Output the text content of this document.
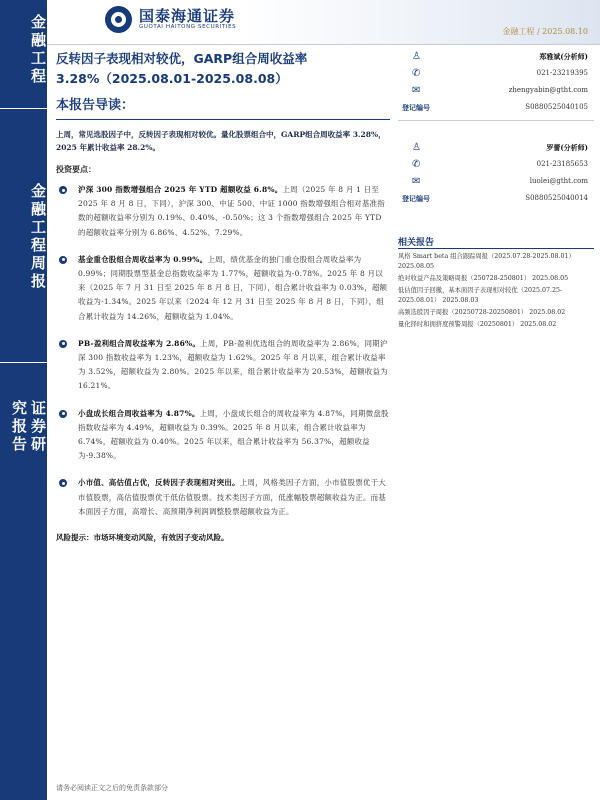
金融工程
金融工程周报
证券研究报告
国泰海通证券
GUOTAI HAITONG SECURITIES	金融工程 / 2025.08.10
反转因子表现相对较优，GARP组合周收益率3.28%（2025.08.01-2025.08.08）
本报告导读：
上周，常见选股因子中，反转因子表现相对较优。量化股票组合中，GARP组合周收益率 3.28%，2025 年累计收益率 28.2%。
投资要点：
沪深 300 指数增强组合 2025 年 YTD 超额收益 6.8%。上周（2025 年 8 月 1 日至 2025 年 8 月 8 日，下同），沪深 300、中证 500、中证 1000 指数增强组合相对基准指数的超额收益率分别为 0.19%、0.40%、-0.50%；这 3 个指数增强组合 2025 年 YTD 的超额收益率分别为 6.86%、4.52%、7.29%。
基金重仓股组合周收益率为 0.99%。上周，绩优基金的独门重仓股组合周收益率为 0.99%；同期股票型基金总指数收益率为 1.77%，超额收益为-0.78%。2025 年 8 月以来（2025 年 7 月 31 日至 2025 年 8 月 8 日，下同），组合累计收益率为 0.03%，超额收益为-1.34%。2025 年以来（2024 年 12 月 31 日至 2025 年 8 月 8 日，下同），组合累计收益为 14.26%，超额收益为 1.04%。
PB-盈利组合周收益率为 2.86%。上周，PB-盈利优选组合的周收益率为 2.86%，同期沪深 300 指数收益率为 1.23%，超额收益为 1.62%。2025 年 8 月以来，组合累计收益率为 3.52%，超额收益为 2.80%。2025 年以来，组合累计收益率为 20.53%，超额收益为 16.21%。
小盘成长组合周收益率为 4.87%。上周，小盘成长组合的周收益率为 4.87%，同期微盘股指数收益率为 4.49%，超额收益为 0.39%。2025 年 8 月以来，组合累计收益率为 6.74%，超额收益为 0.40%。2025 年以来，组合累计收益率为 56.37%，超额收益为-9.38%。
小市值、高估值占优，反转因子表现相对突出。上周，风格类因子方面，小市值股票优于大市值股票，高估值股票优于低估值股票。技术类因子方面，低涨幅股票超额收益为正。而基本面因子方面，高增长、高预期净利润调整股票超额收益为正。
风险提示：市场环境变动风险，有效因子变动风险。
♙	郑雅斌(分析师)
✆	021-23219395
✉	zhengyabin@gtht.com
登记编号	S0880525040105
♙	罗蕾(分析师)
✆	021-23185653
✉	luolei@gtht.com
登记编号	S0880525040014
相关报告
风格 Smart beta 组合跟踪周报（2025.07.28-2025.08.01） 2025.08.05
绝对收益产品及策略周报（250728-250801） 2025.08.05
低估值因子回撤，基本面因子表现相对较优（2025.07.25-2025.08.01） 2025.08.03
高频选股因子周报（20250728-20250801） 2025.08.02
量化择时和拥挤度预警周报（20250801） 2025.08.02
请务必阅读正文之后的免责条款部分
